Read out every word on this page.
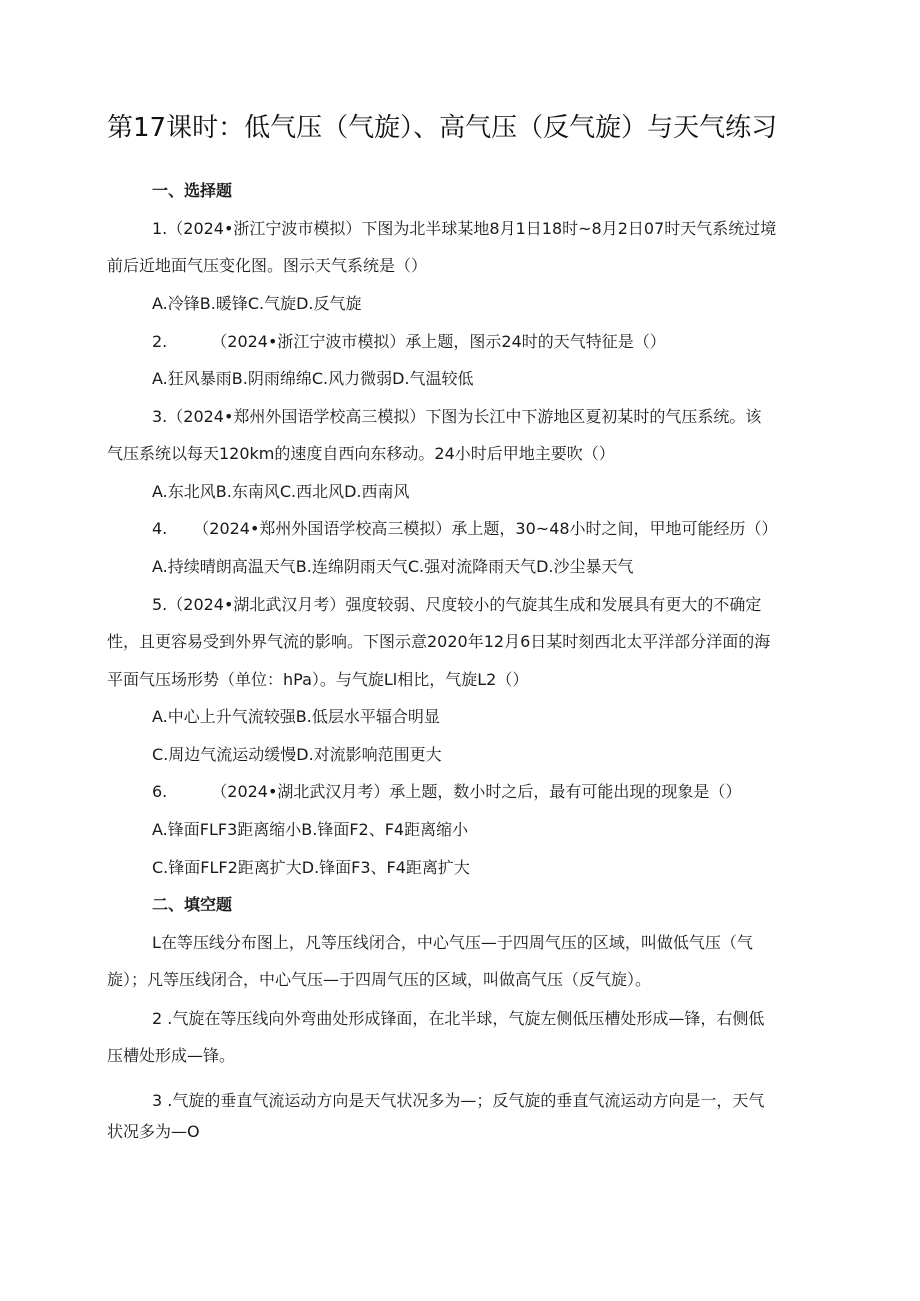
第17课时：低气压（气旋）、高气压（反气旋）与天气练习
一、选择题
1.（2024•浙江宁波市模拟）下图为北半球某地8月1日18时~8月2日07时天气系统过境
前后近地面气压变化图。图示天气系统是（）
A.冷锋B.暖锋C.气旋D.反气旋
2.	（2024•浙江宁波市模拟）承上题，图示24时的天气特征是（）
A.狂风暴雨B.阴雨绵绵C.风力微弱D.气温较低
3.（2024•郑州外国语学校高三模拟）下图为长江中下游地区夏初某时的气压系统。该
气压系统以每天120km的速度自西向东移动。24小时后甲地主要吹（）
A.东北风B.东南风C.西北风D.西南风
4. （2024•郑州外国语学校高三模拟）承上题，30~48小时之间，甲地可能经历（）
A.持续晴朗高温天气B.连绵阴雨天气C.强对流降雨天气D.沙尘暴天气
5.（2024•湖北武汉月考）强度较弱、尺度较小的气旋其生成和发展具有更大的不确定
性，且更容易受到外界气流的影响。下图示意2020年12月6日某时刻西北太平洋部分洋面的海
平面气压场形势（单位：hPa）。与气旋Ll相比，气旋L2（）
A.中心上升气流较强B.低层水平辐合明显
C.周边气流运动缓慢D.对流影响范围更大
6.	（2024•湖北武汉月考）承上题，数小时之后，最有可能出现的现象是（）
A.锋面FLF3距离缩小B.锋面F2、F4距离缩小
C.锋面FLF2距离扩大D.锋面F3、F4距离扩大
二、填空题
L在等压线分布图上，凡等压线闭合，中心气压—于四周气压的区域，叫做低气压（气
旋）；凡等压线闭合，中心气压—于四周气压的区域，叫做高气压（反气旋）。
2 .气旋在等压线向外弯曲处形成锋面，在北半球，气旋左侧低压槽处形成—锋，右侧低
压槽处形成—锋。
3 .气旋的垂直气流运动方向是天气状况多为—；反气旋的垂直气流运动方向是一，天气
状况多为—O
